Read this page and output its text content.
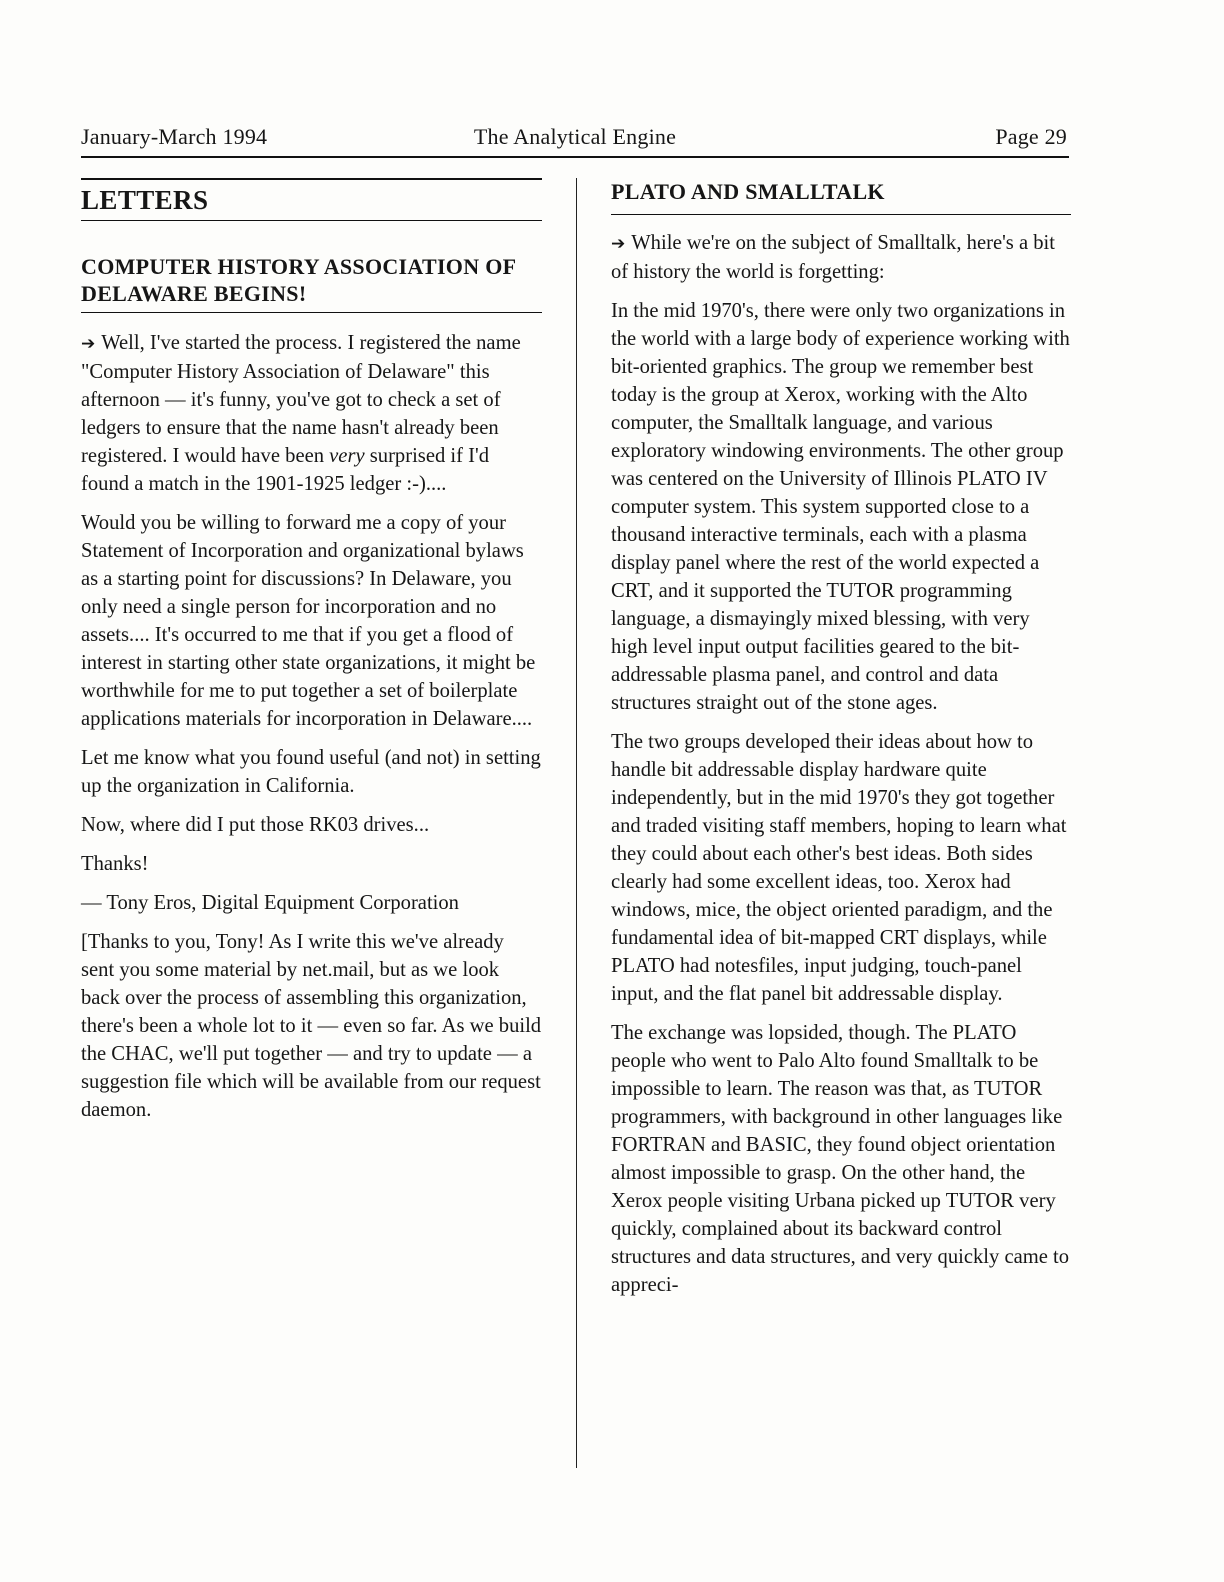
January-March 1994	The Analytical Engine	Page 29
LETTERS
COMPUTER HISTORY ASSOCIATION OF DELAWARE BEGINS!

➔ Well, I've started the process. I registered the name "Computer History Association of Delaware" this afternoon — it's funny, you've got to check a set of ledgers to ensure that the name hasn't already been registered. I would have been very surprised if I'd found a match in the 1901-1925 ledger :-)....

Would you be willing to forward me a copy of your Statement of Incorporation and organizational bylaws as a starting point for discussions? In Delaware, you only need a single person for incorporation and no assets.... It's occurred to me that if you get a flood of interest in starting other state organizations, it might be worthwhile for me to put together a set of boilerplate applications materials for incorporation in Delaware....

Let me know what you found useful (and not) in setting up the organization in California.

Now, where did I put those RK03 drives...

Thanks!

— Tony Eros, Digital Equipment Corporation

[Thanks to you, Tony! As I write this we've already sent you some material by net.mail, but as we look back over the process of assembling this organization, there's been a whole lot to it — even so far. As we build the CHAC, we'll put together — and try to update — a suggestion file which will be available from our request daemon.

PLATO AND SMALLTALK

➔ While we're on the subject of Smalltalk, here's a bit of history the world is forgetting:

In the mid 1970's, there were only two organizations in the world with a large body of experience working with bit-oriented graphics. The group we remember best today is the group at Xerox, working with the Alto computer, the Smalltalk language, and various exploratory windowing environments. The other group was centered on the University of Illinois PLATO IV computer system. This system supported close to a thousand interactive terminals, each with a plasma display panel where the rest of the world expected a CRT, and it supported the TUTOR programming language, a dismayingly mixed blessing, with very high level input output facilities geared to the bit-addressable plasma panel, and control and data structures straight out of the stone ages.

The two groups developed their ideas about how to handle bit addressable display hardware quite independently, but in the mid 1970's they got together and traded visiting staff members, hoping to learn what they could about each other's best ideas. Both sides clearly had some excellent ideas, too. Xerox had windows, mice, the object oriented paradigm, and the fundamental idea of bit-mapped CRT displays, while PLATO had notesfiles, input judging, touch-panel input, and the flat panel bit addressable display.

The exchange was lopsided, though. The PLATO people who went to Palo Alto found Smalltalk to be impossible to learn. The reason was that, as TUTOR programmers, with background in other languages like FORTRAN and BASIC, they found object orientation almost impossible to grasp. On the other hand, the Xerox people visiting Urbana picked up TUTOR very quickly, complained about its backward control structures and data structures, and very quickly came to appreci-
